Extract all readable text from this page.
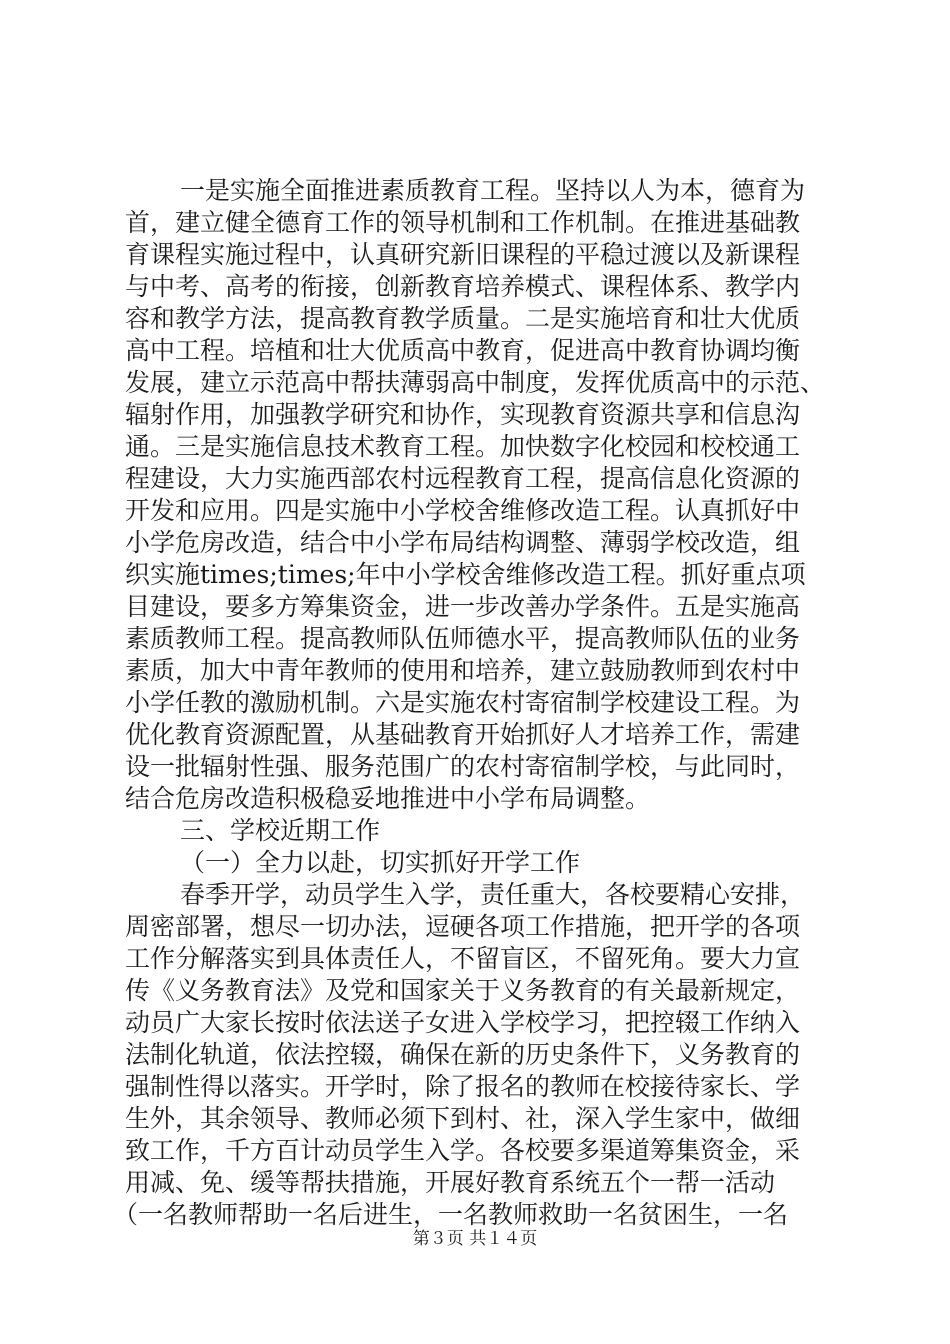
一是实施全面推进素质教育工程。坚持以人为本，德育为
首，建立健全德育工作的领导机制和工作机制。在推进基础教
育课程实施过程中，认真研究新旧课程的平稳过渡以及新课程
与中考、高考的衔接，创新教育培养模式、课程体系、教学内
容和教学方法，提高教育教学质量。二是实施培育和壮大优质
高中工程。培植和壮大优质高中教育，促进高中教育协调均衡
发展，建立示范高中帮扶薄弱高中制度，发挥优质高中的示范、
辐射作用，加强教学研究和协作，实现教育资源共享和信息沟
通。三是实施信息技术教育工程。加快数字化校园和校校通工
程建设，大力实施西部农村远程教育工程，提高信息化资源的
开发和应用。四是实施中小学校舍维修改造工程。认真抓好中
小学危房改造，结合中小学布局结构调整、薄弱学校改造，组
织实施times;times;年中小学校舍维修改造工程。抓好重点项
目建设，要多方筹集资金，进一步改善办学条件。五是实施高
素质教师工程。提高教师队伍师德水平，提高教师队伍的业务
素质，加大中青年教师的使用和培养，建立鼓励教师到农村中
小学任教的激励机制。六是实施农村寄宿制学校建设工程。为
优化教育资源配置，从基础教育开始抓好人才培养工作，需建
设一批辐射性强、服务范围广的农村寄宿制学校，与此同时，
结合危房改造积极稳妥地推进中小学布局调整。
三、学校近期工作
（一）全力以赴，切实抓好开学工作
春季开学，动员学生入学，责任重大，各校要精心安排，
周密部署，想尽一切办法，逗硬各项工作措施，把开学的各项
工作分解落实到具体责任人，不留盲区，不留死角。要大力宣
传《义务教育法》及党和国家关于义务教育的有关最新规定，
动员广大家长按时依法送子女进入学校学习，把控辍工作纳入
法制化轨道，依法控辍，确保在新的历史条件下，义务教育的
强制性得以落实。开学时，除了报名的教师在校接待家长、学
生外，其余领导、教师必须下到村、社，深入学生家中，做细
致工作，千方百计动员学生入学。各校要多渠道筹集资金，采
用减、免、缓等帮扶措施，开展好教育系统五个一帮一活动
（一名教师帮助一名后进生，一名教师救助一名贫困生，一名
第３页 共１４页
